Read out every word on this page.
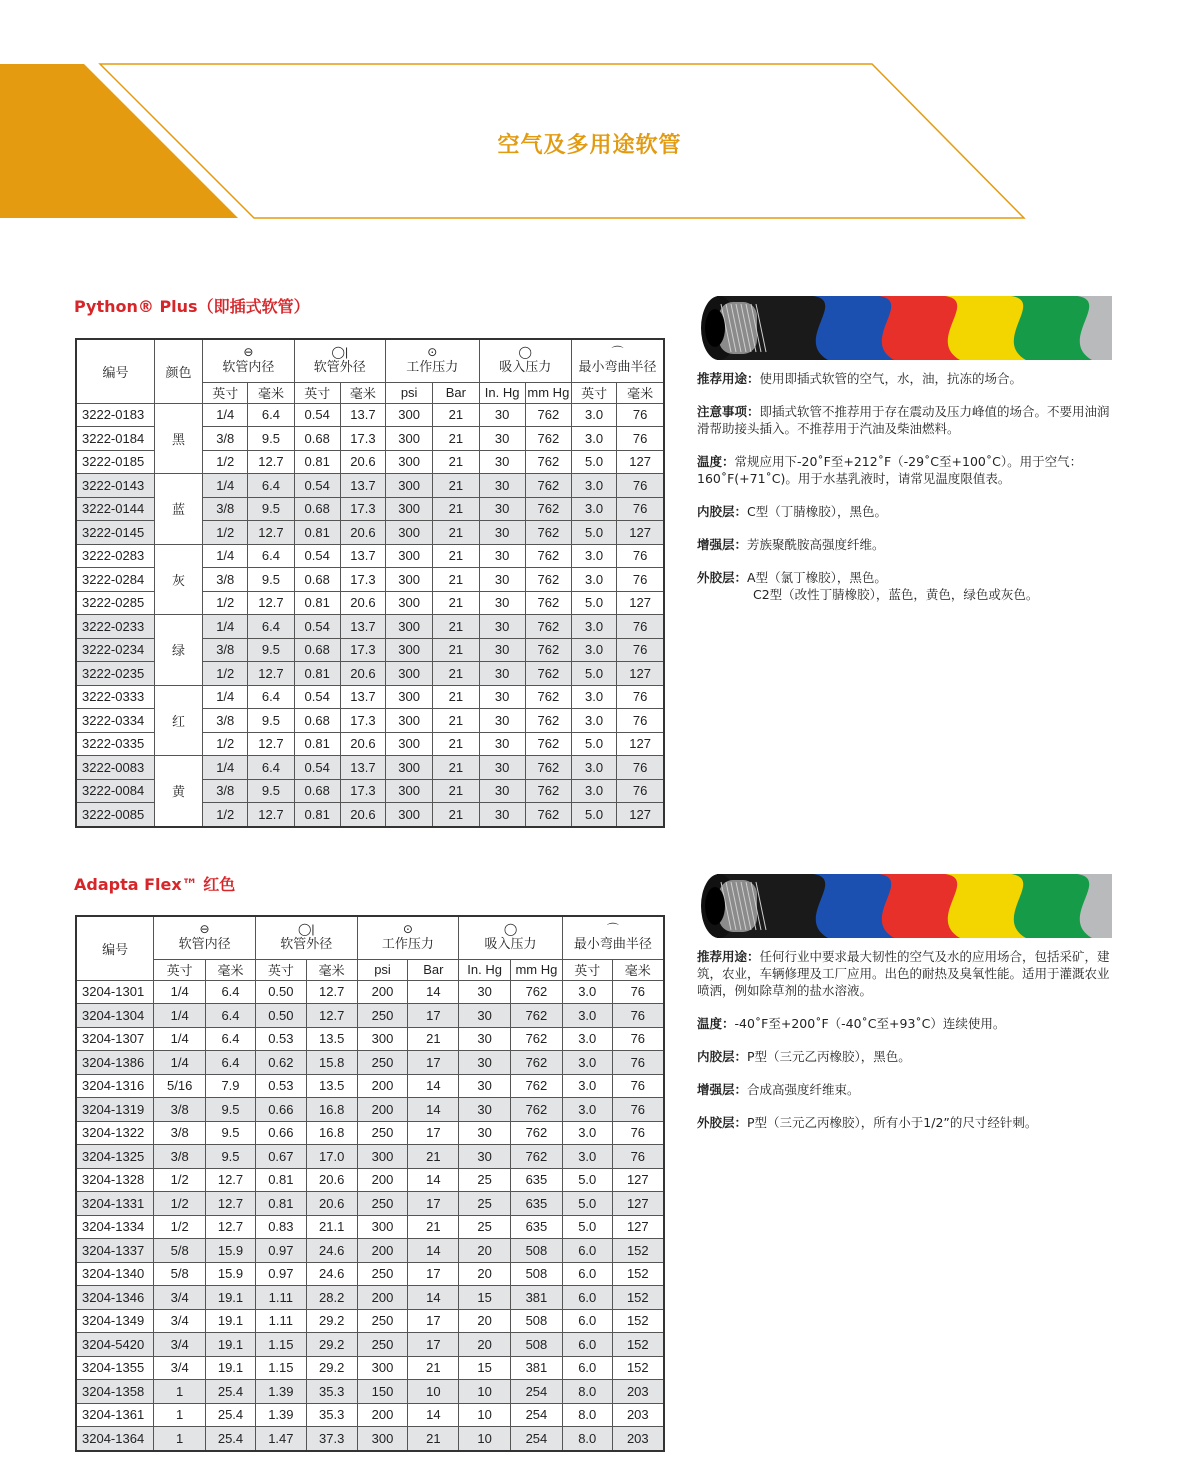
空气及多用途软管
Python® Plus（即插式软管）
编号	颜色	⊖
软管内径		◯|
软管外径		⊙
工作压力		◯
吸入压力		⌒
最小弯曲半径	

		英寸	毫米	英寸	毫米	psi	Bar	In. Hg	mm Hg	英寸	毫米
3222-0183	黑	1/4	6.4	0.54	13.7	300	21	30	762	3.0	76
3222-0184		3/8	9.5	0.68	17.3	300	21	30	762	3.0	76
3222-0185		1/2	12.7	0.81	20.6	300	21	30	762	5.0	127
3222-0143	蓝	1/4	6.4	0.54	13.7	300	21	30	762	3.0	76
3222-0144		3/8	9.5	0.68	17.3	300	21	30	762	3.0	76
3222-0145		1/2	12.7	0.81	20.6	300	21	30	762	5.0	127
3222-0283	灰	1/4	6.4	0.54	13.7	300	21	30	762	3.0	76
3222-0284		3/8	9.5	0.68	17.3	300	21	30	762	3.0	76
3222-0285		1/2	12.7	0.81	20.6	300	21	30	762	5.0	127
3222-0233	绿	1/4	6.4	0.54	13.7	300	21	30	762	3.0	76
3222-0234		3/8	9.5	0.68	17.3	300	21	30	762	3.0	76
3222-0235		1/2	12.7	0.81	20.6	300	21	30	762	5.0	127
3222-0333	红	1/4	6.4	0.54	13.7	300	21	30	762	3.0	76
3222-0334		3/8	9.5	0.68	17.3	300	21	30	762	3.0	76
3222-0335		1/2	12.7	0.81	20.6	300	21	30	762	5.0	127
3222-0083	黄	1/4	6.4	0.54	13.7	300	21	30	762	3.0	76
3222-0084		3/8	9.5	0.68	17.3	300	21	30	762	3.0	76
3222-0085		1/2	12.7	0.81	20.6	300	21	30	762	5.0	127

推荐用途：使用即插式软管的空气，水，油，抗冻的场合。

注意事项：即插式软管不推荐用于存在震动及压力峰值的场合。不要用油润滑帮助接头插入。不推荐用于汽油及柴油燃料。

温度：常规应用下-20˚F至+212˚F（-29˚C至+100˚C）。用于空气：160˚F(+71˚C)。用于水基乳液时，请常见温度限值表。

内胶层：C型（丁腈橡胶），黑色。

增强层：芳族聚酰胺高强度纤维。

外胶层：A型（氯丁橡胶），黑色。
C2型（改性丁腈橡胶），蓝色，黄色，绿色或灰色。

Adapta Flex™ 红色
编号	⊖
软管内径		◯|
软管外径		⊙
工作压力		◯
吸入压力		⌒
最小弯曲半径	

	英寸	毫米	英寸	毫米	psi	Bar	In. Hg	mm Hg	英寸	毫米
3204-1301	1/4	6.4	0.50	12.7	200	14	30	762	3.0	76
3204-1304	1/4	6.4	0.50	12.7	250	17	30	762	3.0	76
3204-1307	1/4	6.4	0.53	13.5	300	21	30	762	3.0	76
3204-1386	1/4	6.4	0.62	15.8	250	17	30	762	3.0	76
3204-1316	5/16	7.9	0.53	13.5	200	14	30	762	3.0	76
3204-1319	3/8	9.5	0.66	16.8	200	14	30	762	3.0	76
3204-1322	3/8	9.5	0.66	16.8	250	17	30	762	3.0	76
3204-1325	3/8	9.5	0.67	17.0	300	21	30	762	3.0	76
3204-1328	1/2	12.7	0.81	20.6	200	14	25	635	5.0	127
3204-1331	1/2	12.7	0.81	20.6	250	17	25	635	5.0	127
3204-1334	1/2	12.7	0.83	21.1	300	21	25	635	5.0	127
3204-1337	5/8	15.9	0.97	24.6	200	14	20	508	6.0	152
3204-1340	5/8	15.9	0.97	24.6	250	17	20	508	6.0	152
3204-1346	3/4	19.1	1.11	28.2	200	14	15	381	6.0	152
3204-1349	3/4	19.1	1.11	29.2	250	17	20	508	6.0	152
3204-5420	3/4	19.1	1.15	29.2	250	17	20	508	6.0	152
3204-1355	3/4	19.1	1.15	29.2	300	21	15	381	6.0	152
3204-1358	1	25.4	1.39	35.3	150	10	10	254	8.0	203
3204-1361	1	25.4	1.39	35.3	200	14	10	254	8.0	203
3204-1364	1	25.4	1.47	37.3	300	21	10	254	8.0	203

推荐用途：任何行业中要求最大韧性的空气及水的应用场合，包括采矿，建筑，农业，车辆修理及工厂应用。出色的耐热及臭氧性能。适用于灌溉农业喷洒，例如除草剂的盐水溶液。

温度：-40˚F至+200˚F（-40˚C至+93˚C）连续使用。

内胶层：P型（三元乙丙橡胶），黑色。

增强层：合成高强度纤维束。

外胶层：P型（三元乙丙橡胶），所有小于1/2”的尺寸经针刺。
